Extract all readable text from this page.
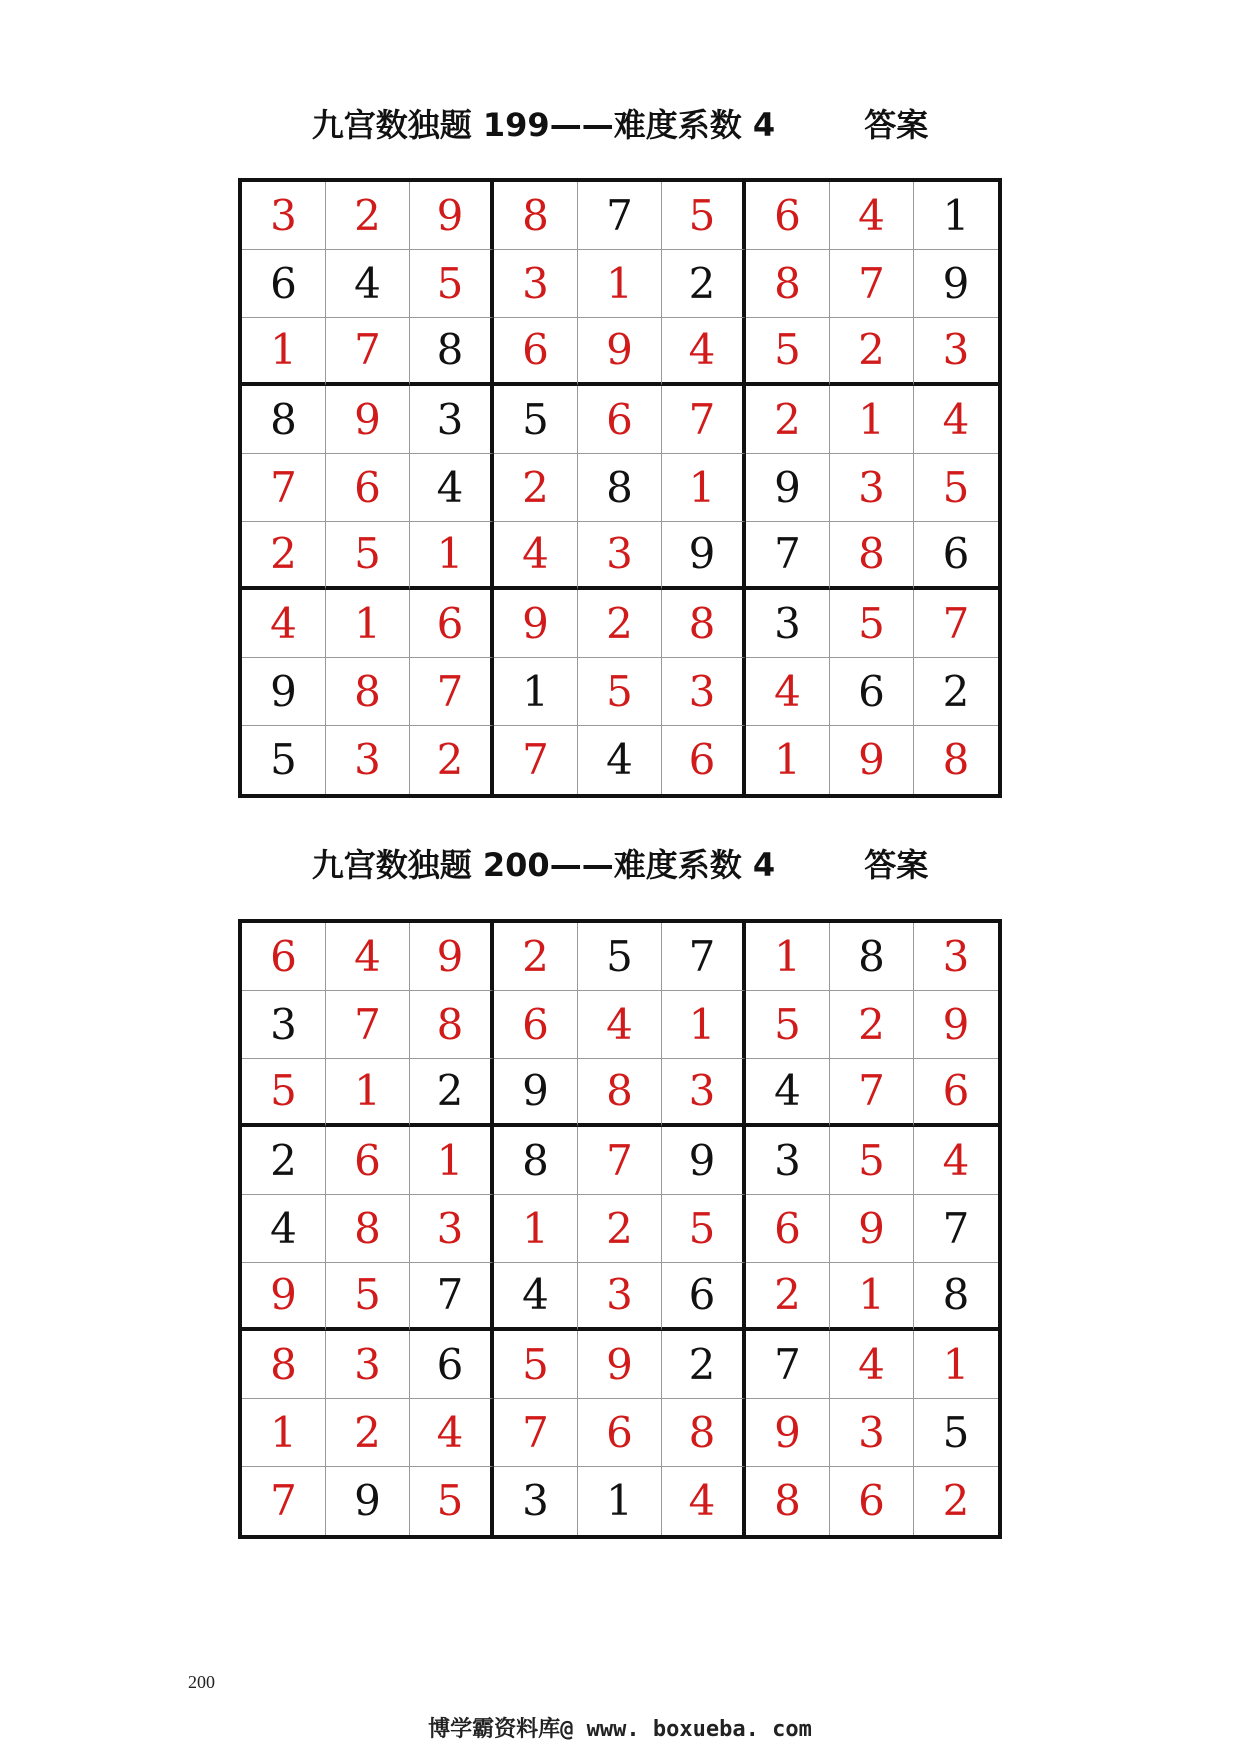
九宫数独题 199——难度系数 4        答案
3	2	9	8	7	5	6	4	1
6	4	5	3	1	2	8	7	9
1	7	8	6	9	4	5	2	3
8	9	3	5	6	7	2	1	4
7	6	4	2	8	1	9	3	5
2	5	1	4	3	9	7	8	6
4	1	6	9	2	8	3	5	7
9	8	7	1	5	3	4	6	2
5	3	2	7	4	6	1	9	8
九宫数独题 200——难度系数 4        答案
6	4	9	2	5	7	1	8	3
3	7	8	6	4	1	5	2	9
5	1	2	9	8	3	4	7	6
2	6	1	8	7	9	3	5	4
4	8	3	1	2	5	6	9	7
9	5	7	4	3	6	2	1	8
8	3	6	5	9	2	7	4	1
1	2	4	7	6	8	9	3	5
7	9	5	3	1	4	8	6	2
200
博学霸资料库@ www. boxueba. com
